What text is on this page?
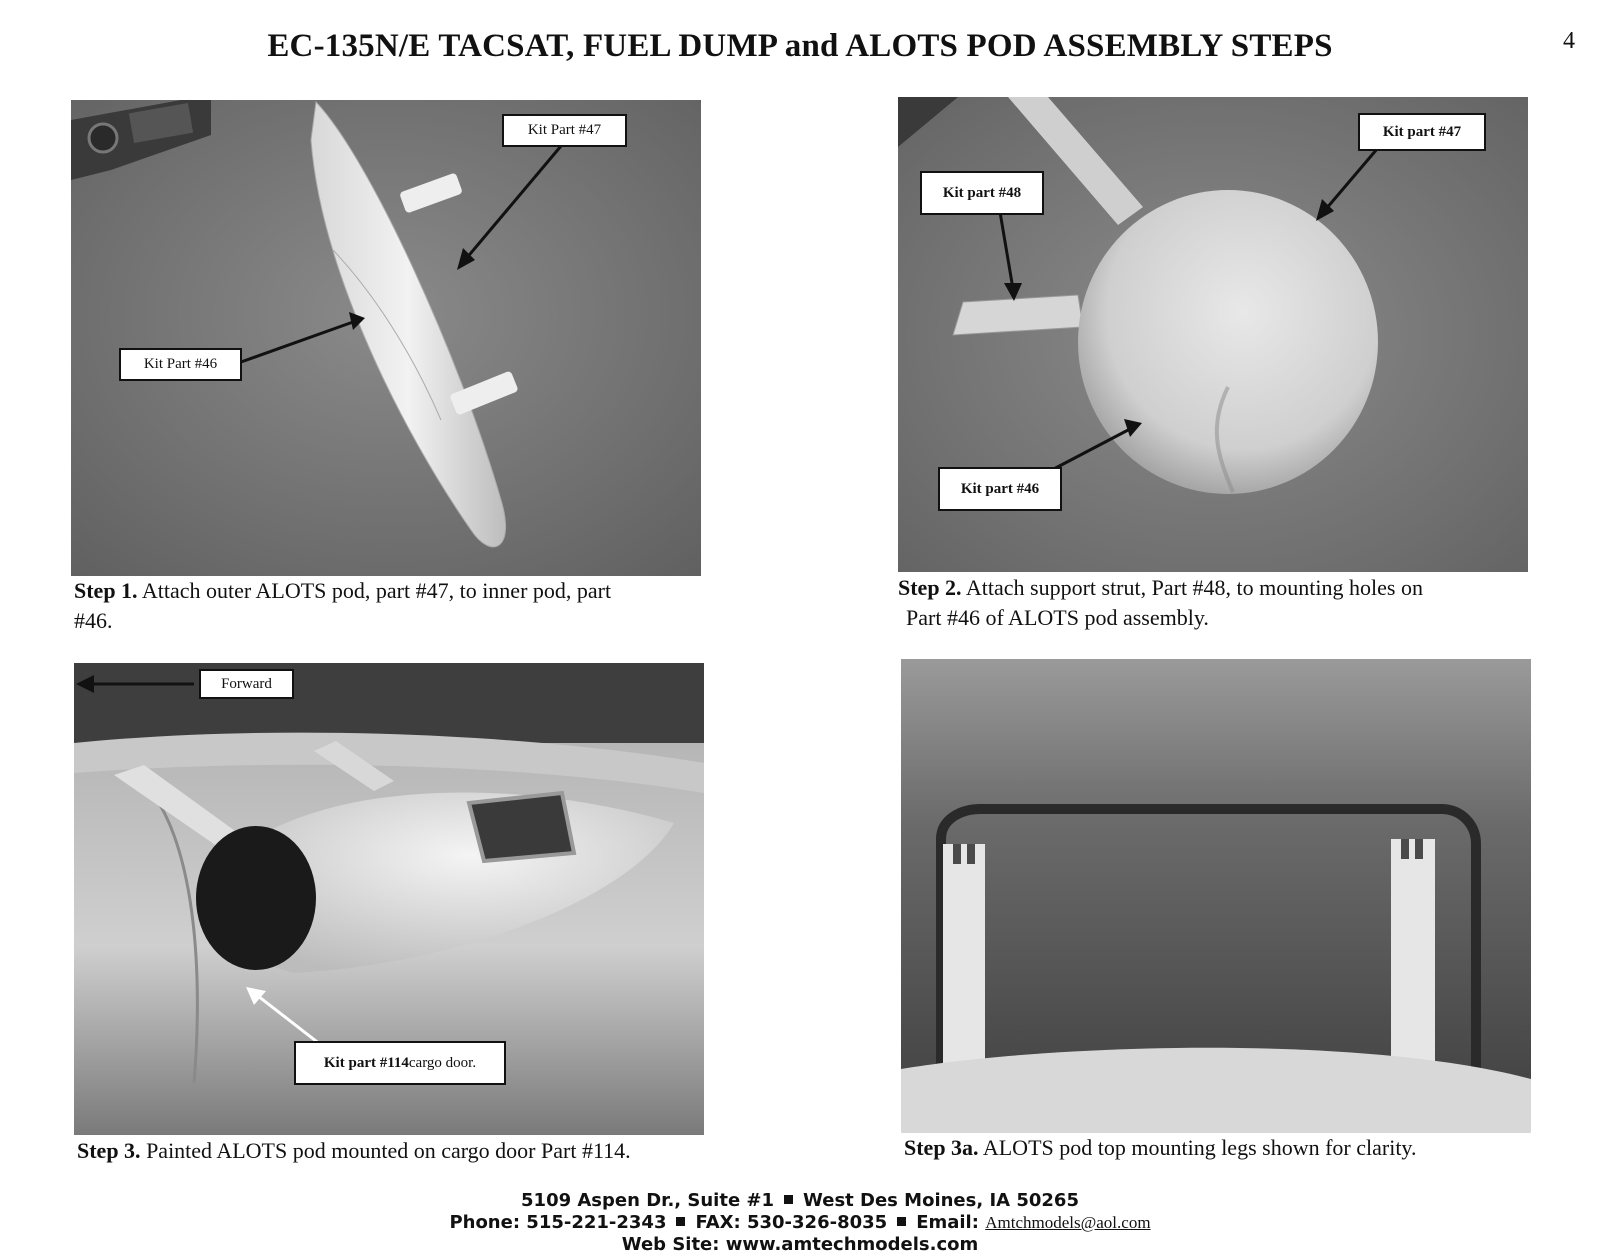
EC-135N/E TACSAT, FUEL DUMP and ALOTS POD ASSEMBLY STEPS	4
Kit Part #47
Kit Part #46
Step 1. Attach outer ALOTS pod, part #47, to inner pod, part
#46.
Kit part #47
Kit part #48
Kit part #46
Step 2. Attach support strut, Part #48, to mounting holes on
Part #46 of ALOTS pod assembly.
Forward
Kit part #114 cargo door.
Step 3. Painted ALOTS pod mounted on cargo door Part #114.	Step 3a. ALOTS pod top mounting legs shown for clarity.
5109 Aspen Dr., Suite #1 West Des Moines, IA 50265
Phone: 515-221-2343 FAX: 530-326-8035 Email: Amtchmodels@aol.com
Web Site: www.amtechmodels.com
